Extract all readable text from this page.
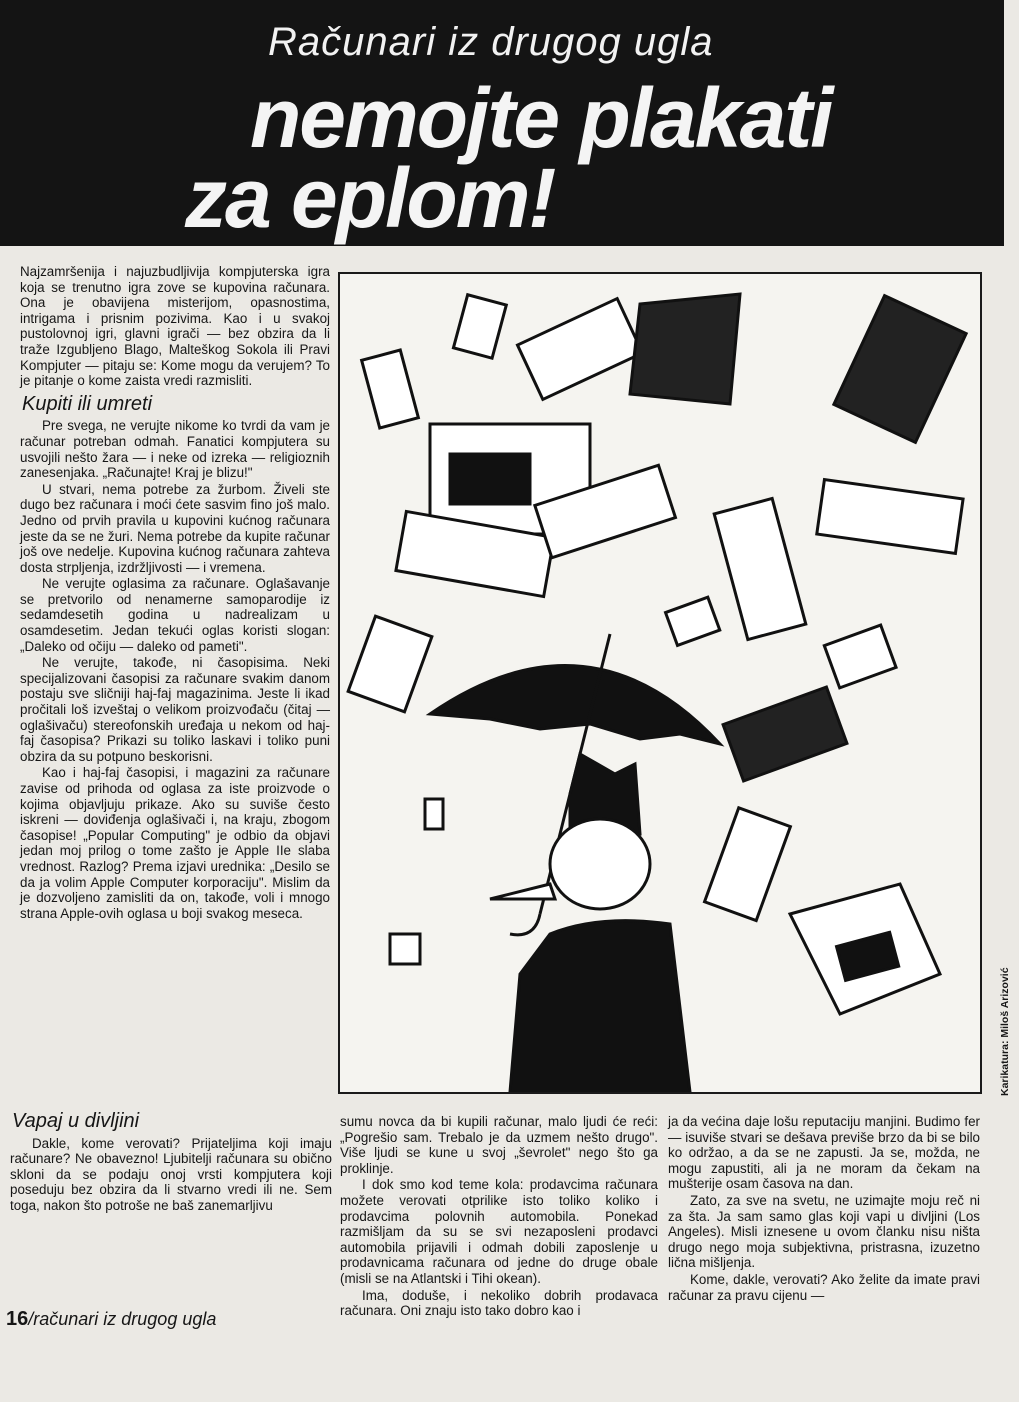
Računari iz drugog ugla
nemojte plakati
za eplom!

Najzamršenija i najuzbudljivija kompjuterska igra koja se trenutno igra zove se kupovina računara. Ona je obavijena misterijom, opasnostima, intrigama i prisnim pozivima. Kao i u svakoj pustolovnoj igri, glavni igrači — bez obzira da li traže Izgubljeno Blago, Malteškog Sokola ili Pravi Kompjuter — pitaju se: Kome mogu da verujem? To je pitanje o kome zaista vredi razmisliti.

Kupiti ili umreti

Pre svega, ne verujte nikome ko tvrdi da vam je računar potreban odmah. Fanatici kompjutera su usvojili nešto žara — i neke od izreka — religioznih zanesenjaka. „Računajte! Kraj je blizu!"

U stvari, nema potrebe za žurbom. Živeli ste dugo bez računara i moći ćete sasvim fino još malo. Jedno od prvih pravila u kupovini kućnog računara jeste da se ne žuri. Nema potrebe da kupite računar još ove nedelje. Kupovina kućnog računara zahteva dosta strpljenja, izdržljivosti — i vremena.

Ne verujte oglasima za računare. Oglašavanje se pretvorilo od nenamerne samoparodije iz sedamdesetih godina u nadrealizam u osamdesetim. Jedan tekući oglas koristi slogan: „Daleko od očiju — daleko od pameti".

Ne verujte, takođe, ni časopisima. Neki specijalizovani časopisi za računare svakim danom postaju sve sličniji haj-faj magazinima. Jeste li ikad pročitali loš izveštaj o velikom proizvođaču (čitaj — oglašivaču) stereofonskih uređaja u nekom od haj-faj časopisa? Prikazi su toliko laskavi i toliko puni obzira da su potpuno beskorisni.

Kao i haj-faj časopisi, i magazini za računare zavise od prihoda od oglasa za iste proizvode o kojima objavljuju prikaze. Ako su suviše često iskreni — doviđenja oglašivači i, na kraju, zbogom časopise! „Popular Computing" je odbio da objavi jedan moj prilog o tome zašto je Apple IIe slaba vrednost. Razlog? Prema izjavi urednika: „Desilo se da ja volim Apple Computer korporaciju". Mislim da je dozvoljeno zamisliti da on, takođe, voli i mnogo strana Apple-ovih oglasa u boji svakog meseca.

Vapaj u divljini

Dakle, kome verovati? Prijateljima koji imaju računare? Ne obavezno! Ljubitelji računara su obično skloni da se podaju onoj vrsti kompjutera koji poseduju bez obzira da li stvarno vredi ili ne. Sem toga, nakon što potroše ne baš zanemarljivu

Karikatura: Miloš Arizović

sumu novca da bi kupili računar, malo ljudi će reći: „Pogrešio sam. Trebalo je da uzmem nešto drugo". Više ljudi se kune u svoj „ševrolet" nego što ga proklinje.

I dok smo kod teme kola: prodavcima računara možete verovati otprilike isto toliko koliko i prodavcima polovnih automobila. Ponekad razmišljam da su se svi nezaposleni prodavci automobila prijavili i odmah dobili zaposlenje u prodavnicama računara od jedne do druge obale (misli se na Atlantski i Tihi okean).

Ima, doduše, i nekoliko dobrih prodavaca računara. Oni znaju isto tako dobro kao i

ja da većina daje lošu reputaciju manjini. Budimo fer — isuviše stvari se dešava previše brzo da bi se bilo ko održao, a da se ne zapusti. Ja se, možda, ne mogu zapustiti, ali ja ne moram da čekam na mušterije osam časova na dan.

Zato, za sve na svetu, ne uzimajte moju reč ni za šta. Ja sam samo glas koji vapi u divljini (Los Angeles). Misli iznesene u ovom članku nisu ništa drugo nego moja subjektivna, pristrasna, izuzetno lična mišljenja.

Kome, dakle, verovati? Ako želite da imate pravi računar za pravu cijenu —

16/računari iz drugog ugla
